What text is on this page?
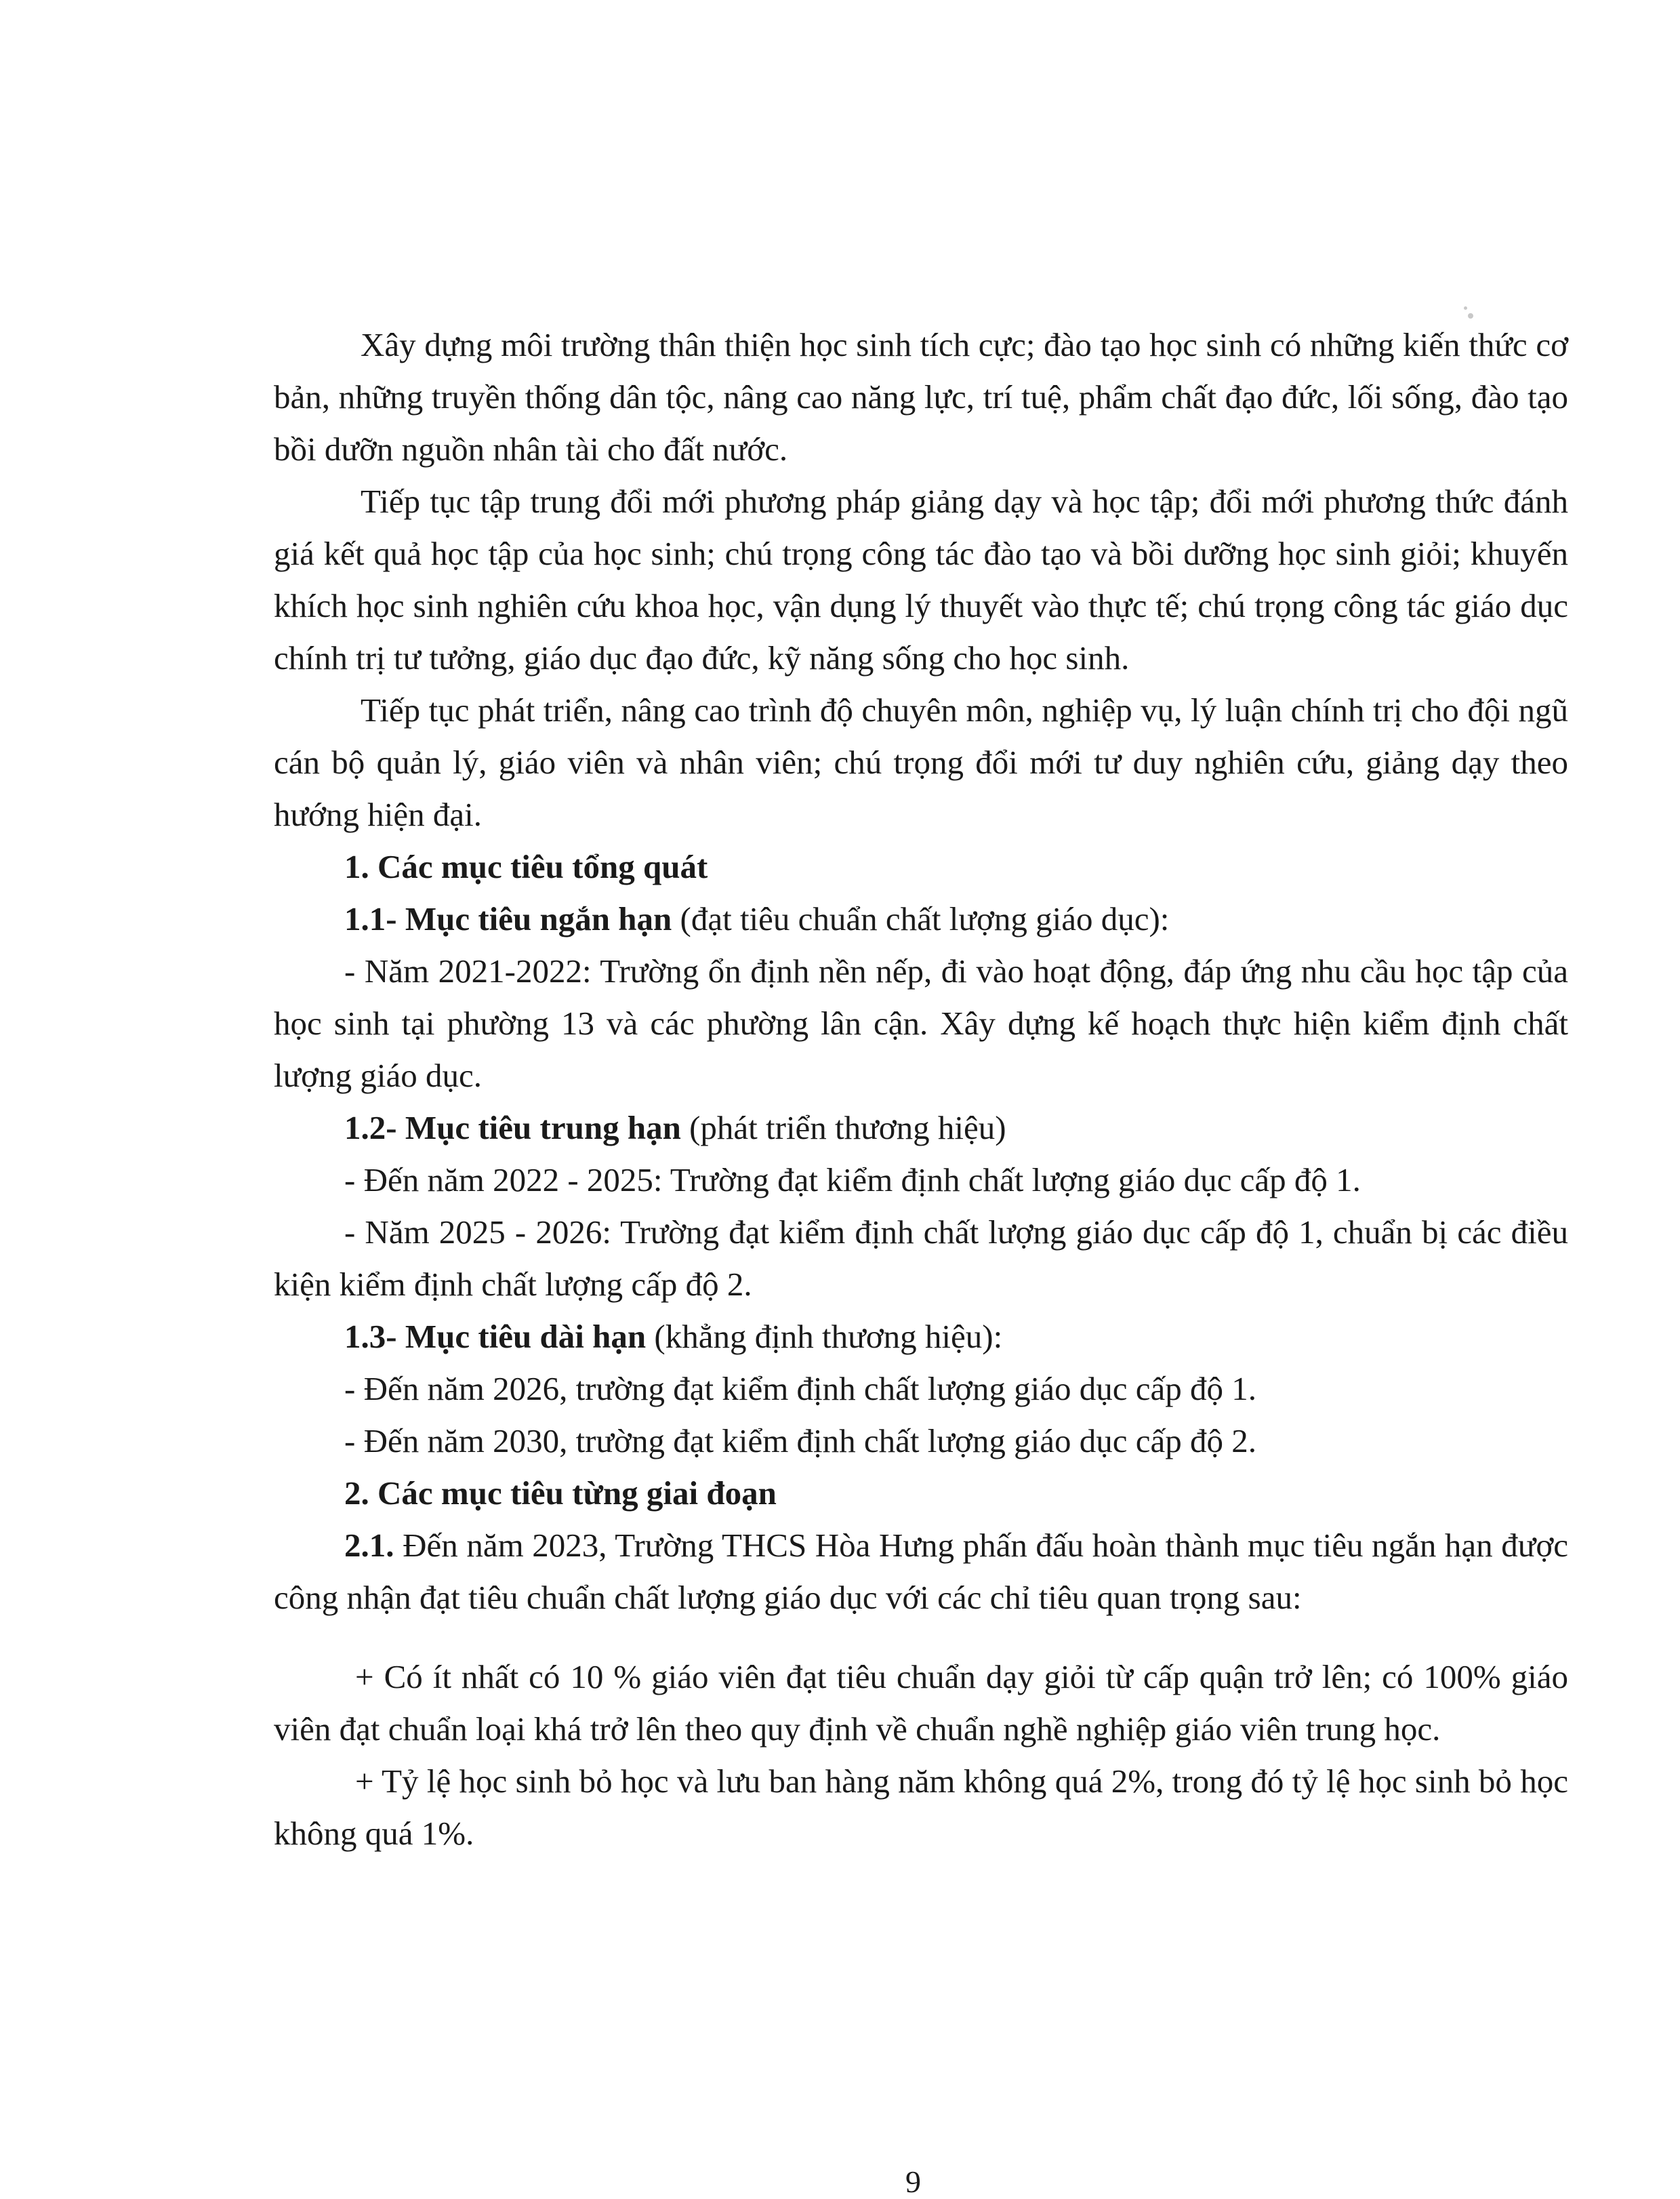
Xây dựng môi trường thân thiện học sinh tích cực; đào tạo học sinh có những kiến thức cơ bản, những truyền thống dân tộc, nâng cao năng lực, trí tuệ, phẩm chất đạo đức, lối sống, đào tạo bồi dưỡn nguồn nhân tài cho đất nước.

Tiếp tục tập trung đổi mới phương pháp giảng dạy và học tập; đổi mới phương thức đánh giá kết quả học tập của học sinh; chú trọng công tác đào tạo và bồi dưỡng học sinh giỏi; khuyến khích học sinh nghiên cứu khoa học, vận dụng lý thuyết vào thực tế; chú trọng công tác giáo dục chính trị tư tưởng, giáo dục đạo đức, kỹ năng sống cho học sinh.

Tiếp tục phát triển, nâng cao trình độ chuyên môn, nghiệp vụ, lý luận chính trị cho đội ngũ cán bộ quản lý, giáo viên và nhân viên; chú trọng đổi mới tư duy nghiên cứu, giảng dạy theo hướng hiện đại.

1. Các mục tiêu tổng quát

1.1- Mục tiêu ngắn hạn (đạt tiêu chuẩn chất lượng giáo dục):

- Năm 2021-2022: Trường ổn định nền nếp, đi vào hoạt động, đáp ứng nhu cầu học tập của học sinh tại phường 13 và các phường lân cận. Xây dựng kế hoạch thực hiện kiểm định chất lượng giáo dục.

1.2- Mục tiêu trung hạn (phát triển thương hiệu)

- Đến năm 2022 - 2025: Trường đạt kiểm định chất lượng giáo dục cấp độ 1.

- Năm 2025 - 2026: Trường đạt kiểm định chất lượng giáo dục cấp độ 1, chuẩn bị các điều kiện kiểm định chất lượng cấp độ 2.

1.3- Mục tiêu dài hạn (khẳng định thương hiệu):

- Đến năm 2026, trường đạt kiểm định chất lượng giáo dục cấp độ 1.

- Đến năm 2030, trường đạt kiểm định chất lượng giáo dục cấp độ 2.

2. Các mục tiêu từng giai đoạn

2.1. Đến năm 2023, Trường THCS Hòa Hưng phấn đấu hoàn thành mục tiêu ngắn hạn được công nhận đạt tiêu chuẩn chất lượng giáo dục với các chỉ tiêu quan trọng sau:

+ Có ít nhất có 10 % giáo viên đạt tiêu chuẩn dạy giỏi từ cấp quận trở lên; có 100% giáo viên đạt chuẩn loại khá trở lên theo quy định về chuẩn nghề nghiệp giáo viên trung học.

+ Tỷ lệ học sinh bỏ học và lưu ban hàng năm không quá 2%, trong đó tỷ lệ học sinh bỏ học không quá 1%.

9
